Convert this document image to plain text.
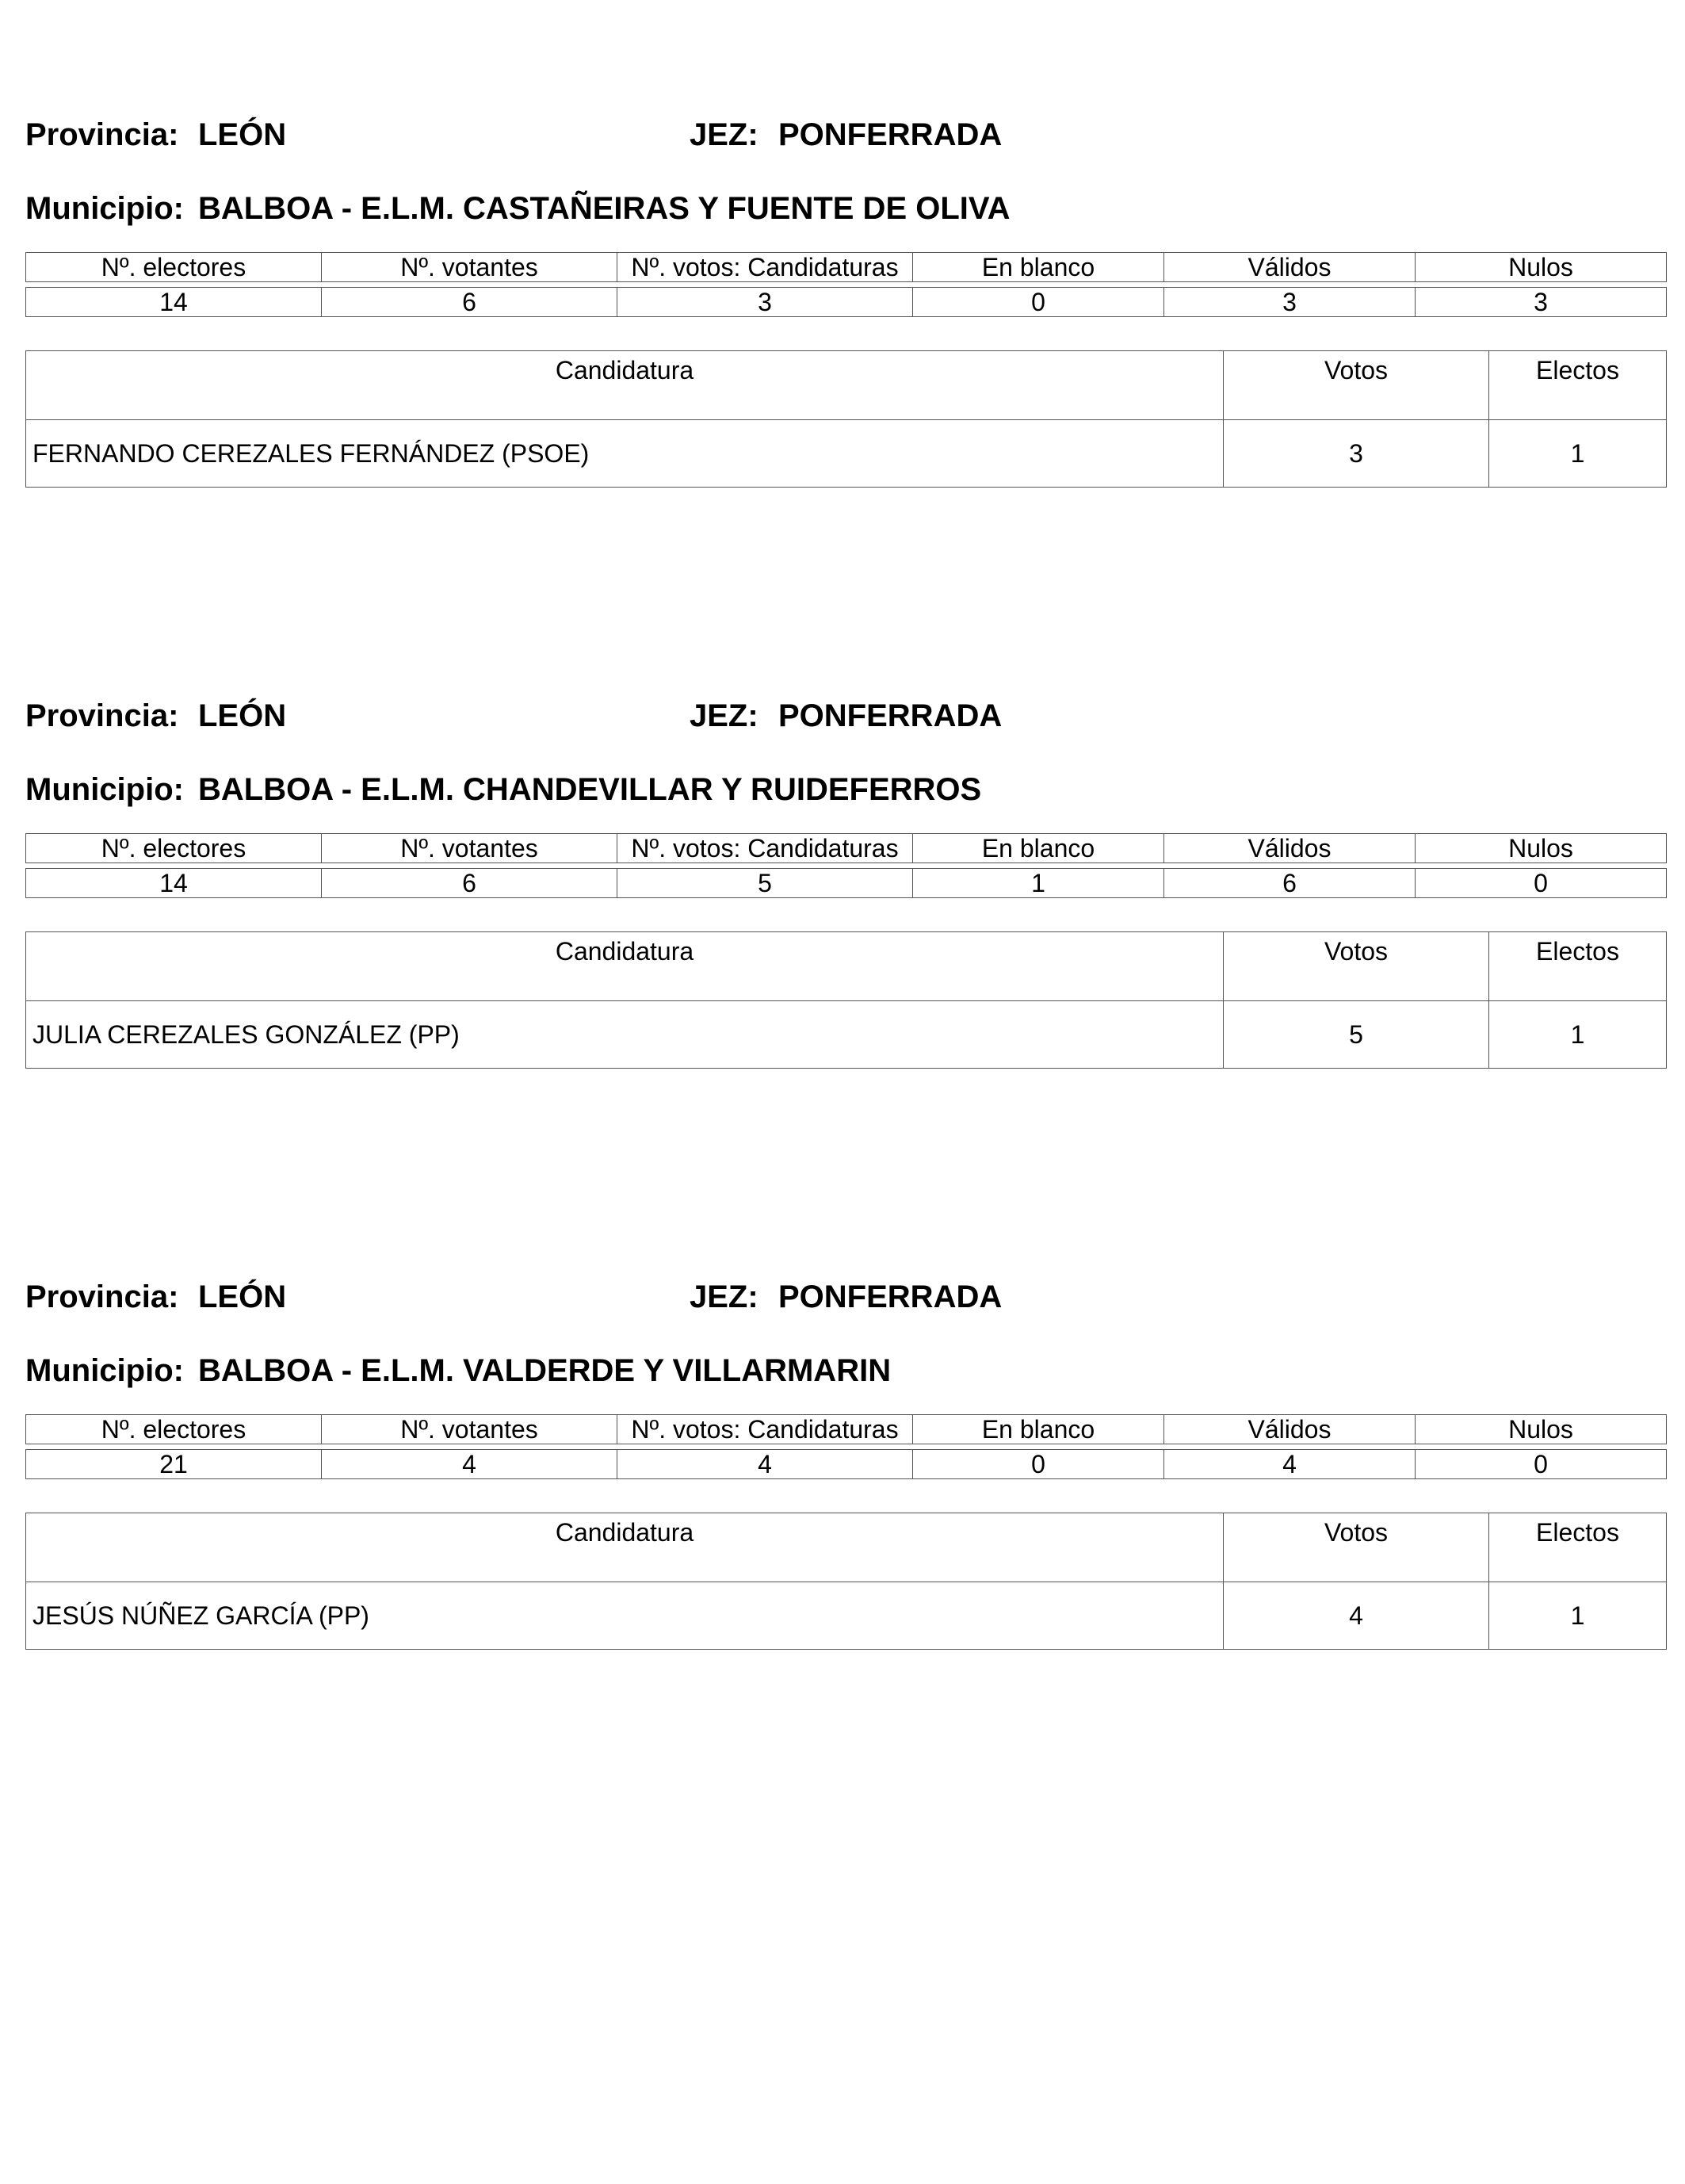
Provincia: LEÓN	JEZ: PONFERRADA
Municipio: BALBOA - E.L.M. CASTAÑEIRAS Y FUENTE DE OLIVA
Nº. electores	Nº. votantes	Nº. votos: Candidaturas	En blanco	Válidos	Nulos

14	6	3	0	3	3
Candidatura	Votos	Electos
FERNANDO CEREZALES FERNÁNDEZ (PSOE)	3	1
Provincia: LEÓN	JEZ: PONFERRADA
Municipio: BALBOA - E.L.M. CHANDEVILLAR Y RUIDEFERROS
Nº. electores	Nº. votantes	Nº. votos: Candidaturas	En blanco	Válidos	Nulos

14	6	5	1	6	0
Candidatura	Votos	Electos
JULIA CEREZALES GONZÁLEZ (PP)	5	1
Provincia: LEÓN	JEZ: PONFERRADA
Municipio: BALBOA - E.L.M. VALDERDE Y VILLARMARIN
Nº. electores	Nº. votantes	Nº. votos: Candidaturas	En blanco	Válidos	Nulos

21	4	4	0	4	0
Candidatura	Votos	Electos
JESÚS NÚÑEZ GARCÍA (PP)	4	1
